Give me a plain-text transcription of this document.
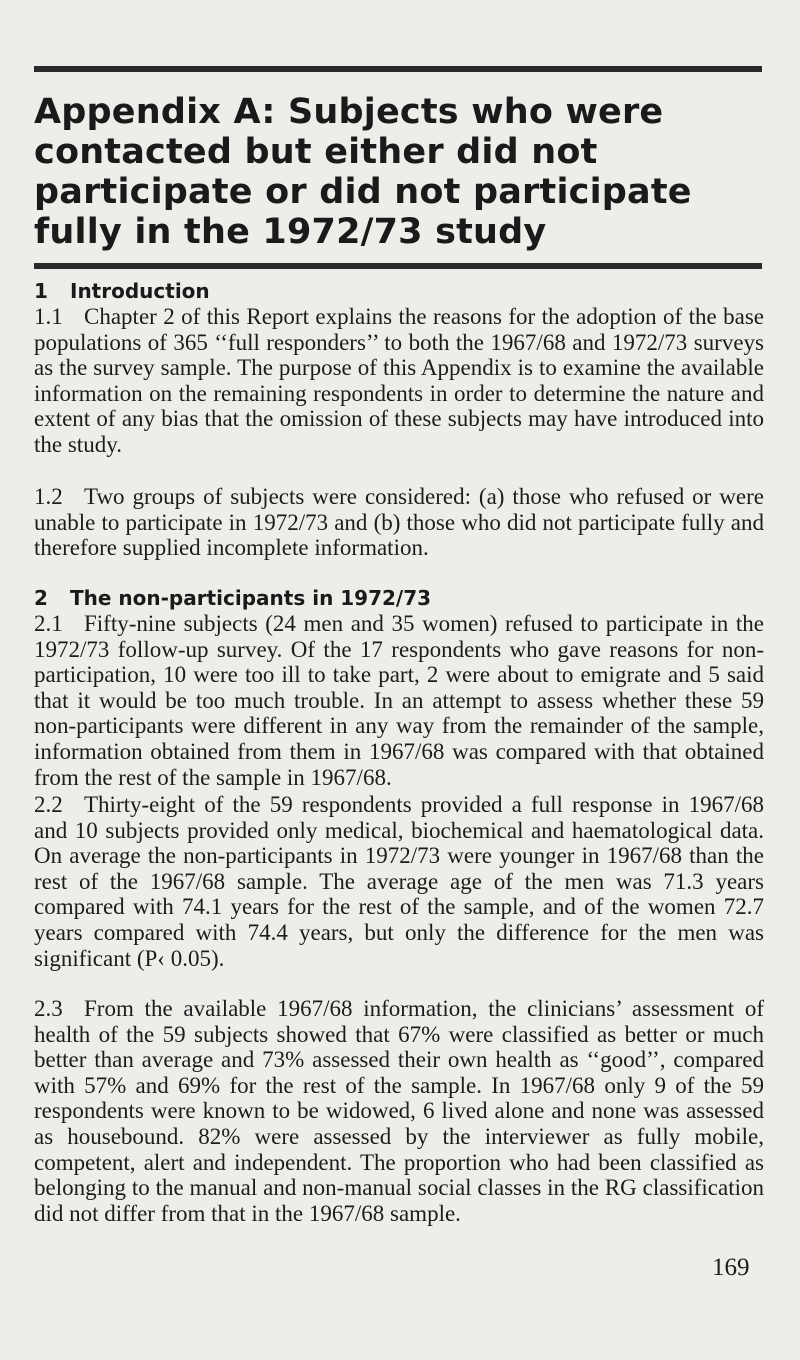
Appendix A: Subjects who were contacted but either did not participate or did not participate fully in the 1972/73 study
1 Introduction

1.1 Chapter 2 of this Report explains the reasons for the adoption of the base populations of 365 ‘‘full responders’’ to both the 1967/68 and 1972/73 surveys as the survey sample. The purpose of this Appendix is to examine the available information on the remaining respondents in order to determine the nature and extent of any bias that the omission of these subjects may have introduced into the study.

1.2 Two groups of subjects were considered: (a) those who refused or were unable to participate in 1972/73 and (b) those who did not participate fully and therefore supplied incomplete information.

2 The non-participants in 1972/73

2.1 Fifty-nine subjects (24 men and 35 women) refused to participate in the 1972/73 follow-up survey. Of the 17 respondents who gave reasons for non-participation, 10 were too ill to take part, 2 were about to emigrate and 5 said that it would be too much trouble. In an attempt to assess whether these 59 non-participants were different in any way from the remainder of the sample, information obtained from them in 1967/68 was compared with that obtained from the rest of the sample in 1967/68.

2.2 Thirty-eight of the 59 respondents provided a full response in 1967/68 and 10 subjects provided only medical, biochemical and haematological data. On average the non-participants in 1972/73 were younger in 1967/68 than the rest of the 1967/68 sample. The average age of the men was 71.3 years compared with 74.1 years for the rest of the sample, and of the women 72.7 years compared with 74.4 years, but only the difference for the men was significant (P‹ 0.05).

2.3 From the available 1967/68 information, the clinicians’ assessment of health of the 59 subjects showed that 67% were classified as better or much better than average and 73% assessed their own health as ‘‘good’’, compared with 57% and 69% for the rest of the sample. In 1967/68 only 9 of the 59 respondents were known to be widowed, 6 lived alone and none was assessed as housebound. 82% were assessed by the interviewer as fully mobile, competent, alert and independent. The proportion who had been classified as belonging to the manual and non-manual social classes in the RG classification did not differ from that in the 1967/68 sample.

169
